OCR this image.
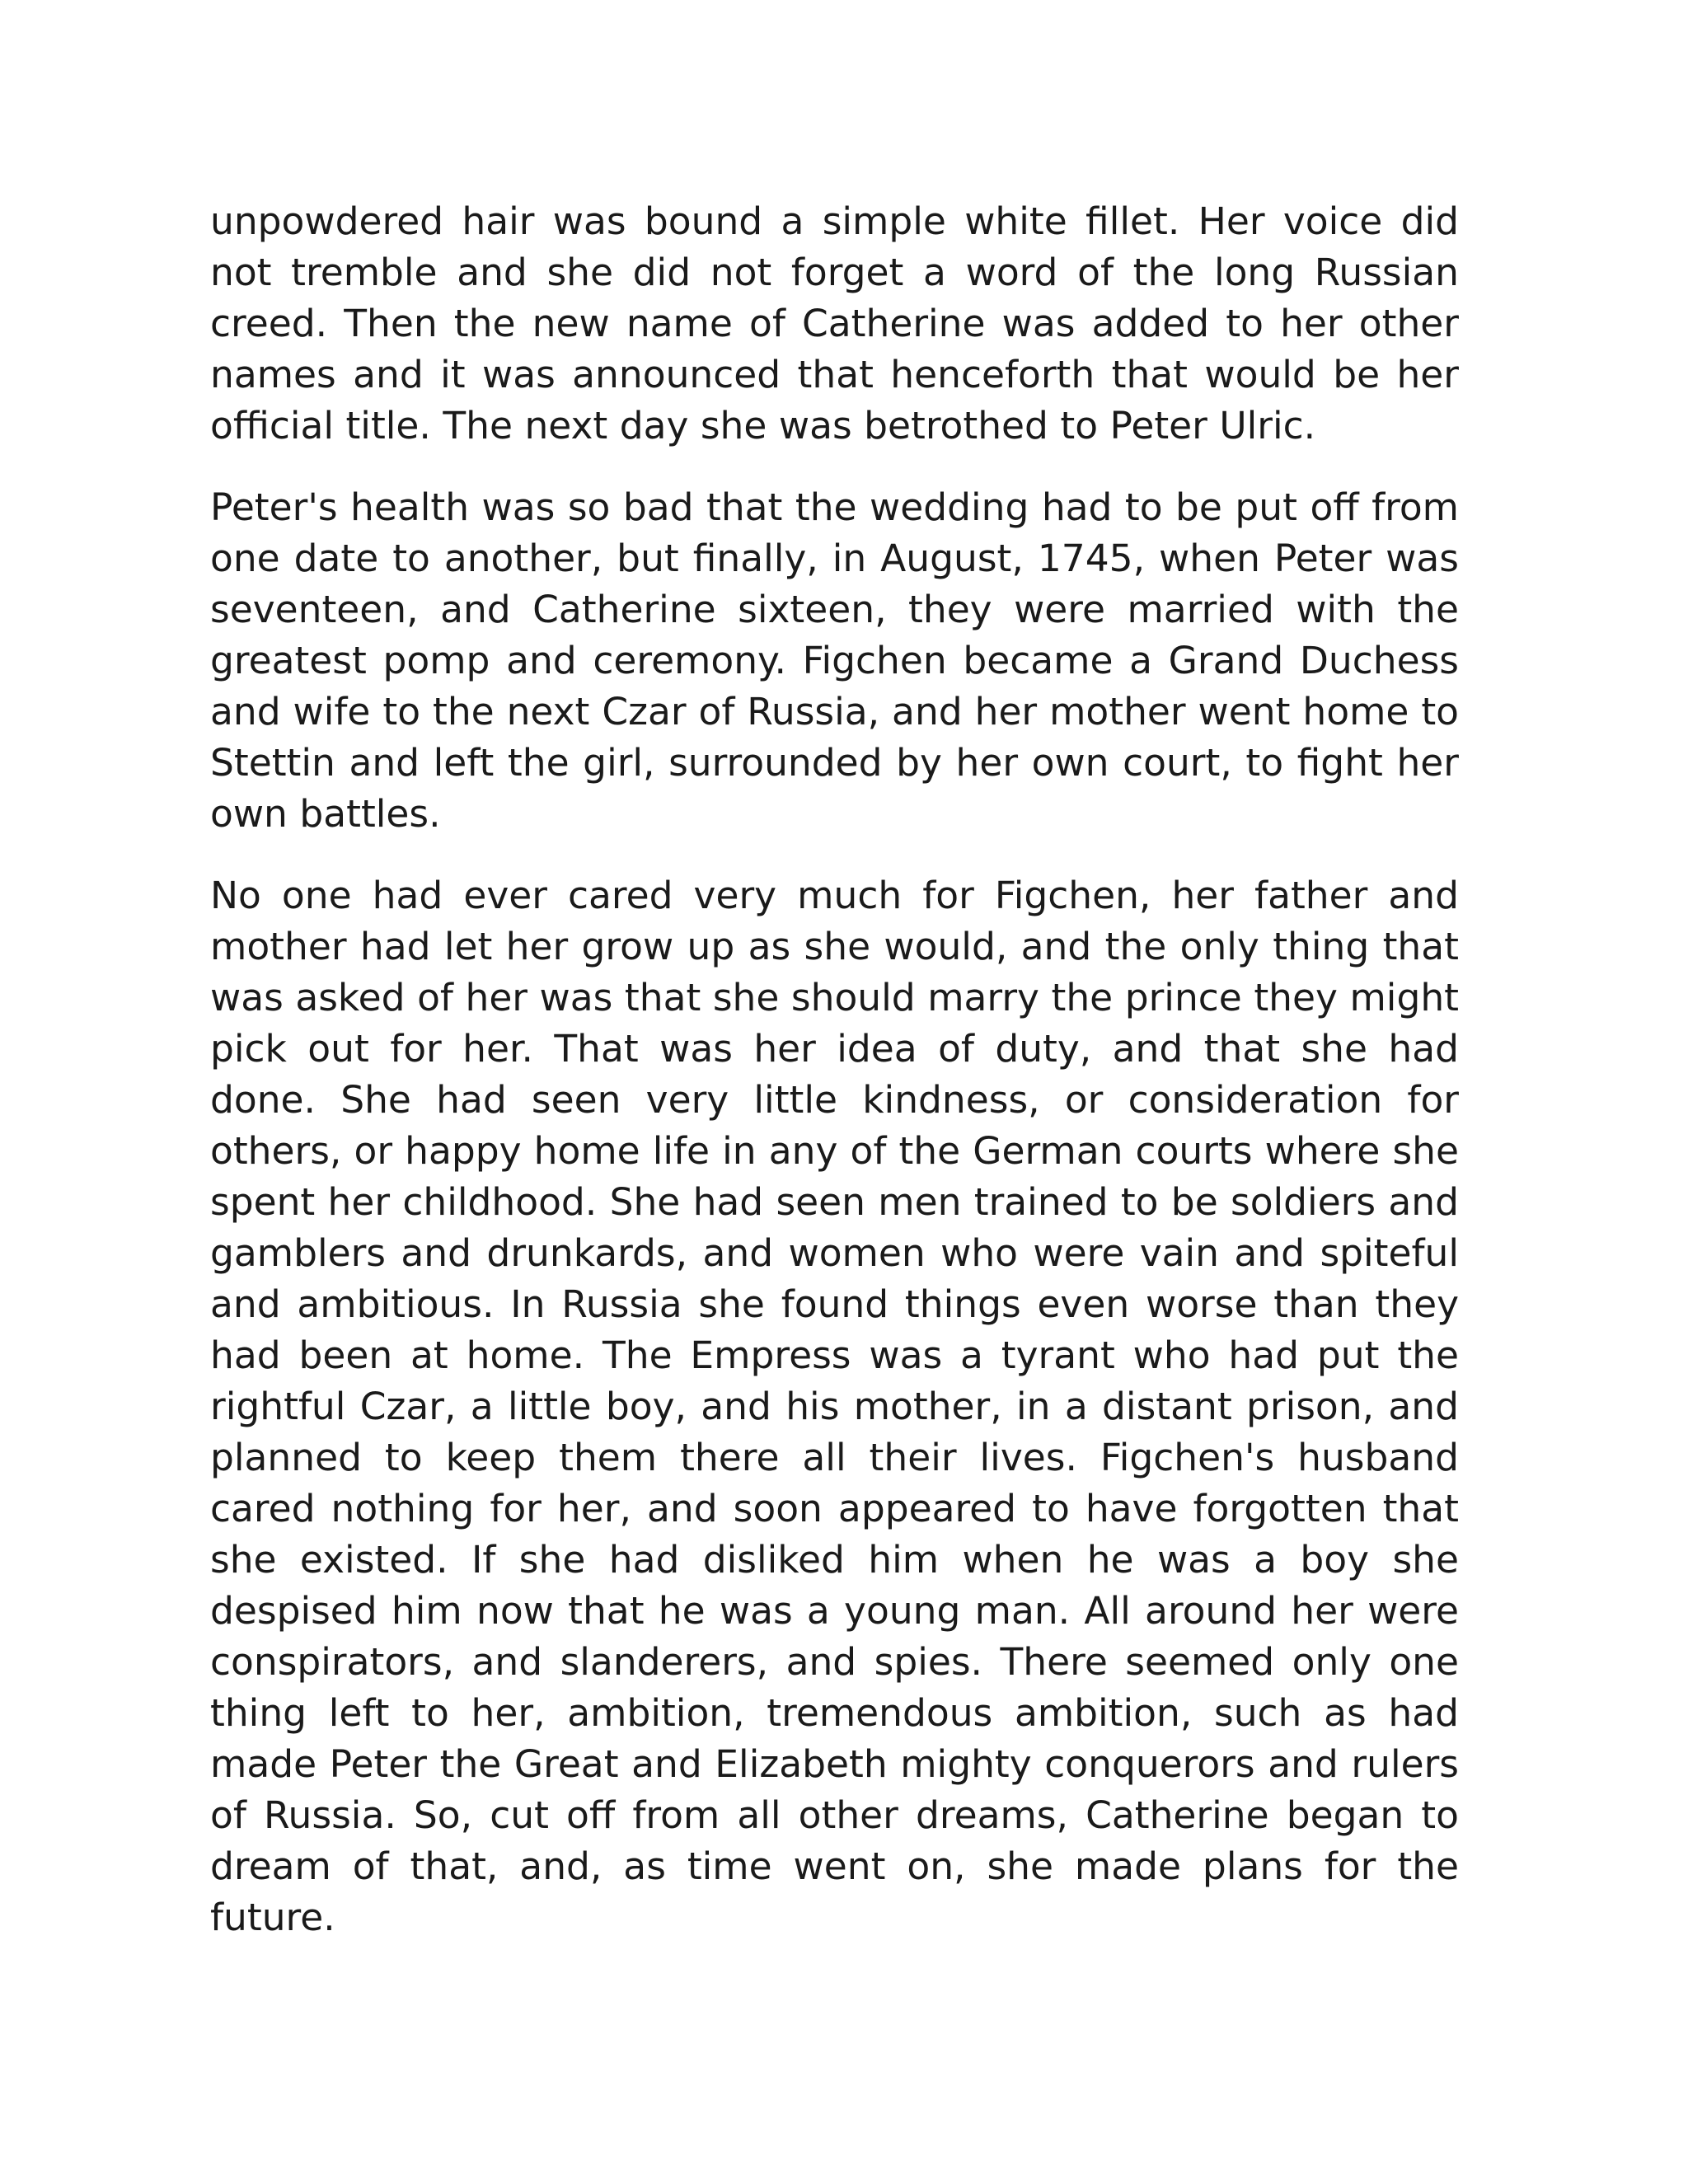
unpowdered hair was bound a simple white fillet. Her voice did not tremble and she did not forget a word of the long Russian creed. Then the new name of Catherine was added to her other names and it was announced that henceforth that would be her official title. The next day she was betrothed to Peter Ulric.

Peter's health was so bad that the wedding had to be put off from one date to another, but finally, in August, 1745, when Peter was seventeen, and Catherine sixteen, they were married with the greatest pomp and ceremony. Figchen became a Grand Duchess and wife to the next Czar of Russia, and her mother went home to Stettin and left the girl, surrounded by her own court, to fight her own battles.

No one had ever cared very much for Figchen, her father and mother had let her grow up as she would, and the only thing that was asked of her was that she should marry the prince they might pick out for her. That was her idea of duty, and that she had done. She had seen very little kindness, or consideration for others, or happy home life in any of the German courts where she spent her childhood. She had seen men trained to be soldiers and gamblers and drunkards, and women who were vain and spiteful and ambitious. In Russia she found things even worse than they had been at home. The Empress was a tyrant who had put the rightful Czar, a little boy, and his mother, in a distant prison, and planned to keep them there all their lives. Figchen's husband cared nothing for her, and soon appeared to have forgotten that she existed. If she had disliked him when he was a boy she despised him now that he was a young man. All around her were conspirators, and slanderers, and spies. There seemed only one thing left to her, ambition, tremendous ambition, such as had made Peter the Great and Elizabeth mighty conquerors and rulers of Russia. So, cut off from all other dreams, Catherine began to dream of that, and, as time went on, she made plans for the future.
